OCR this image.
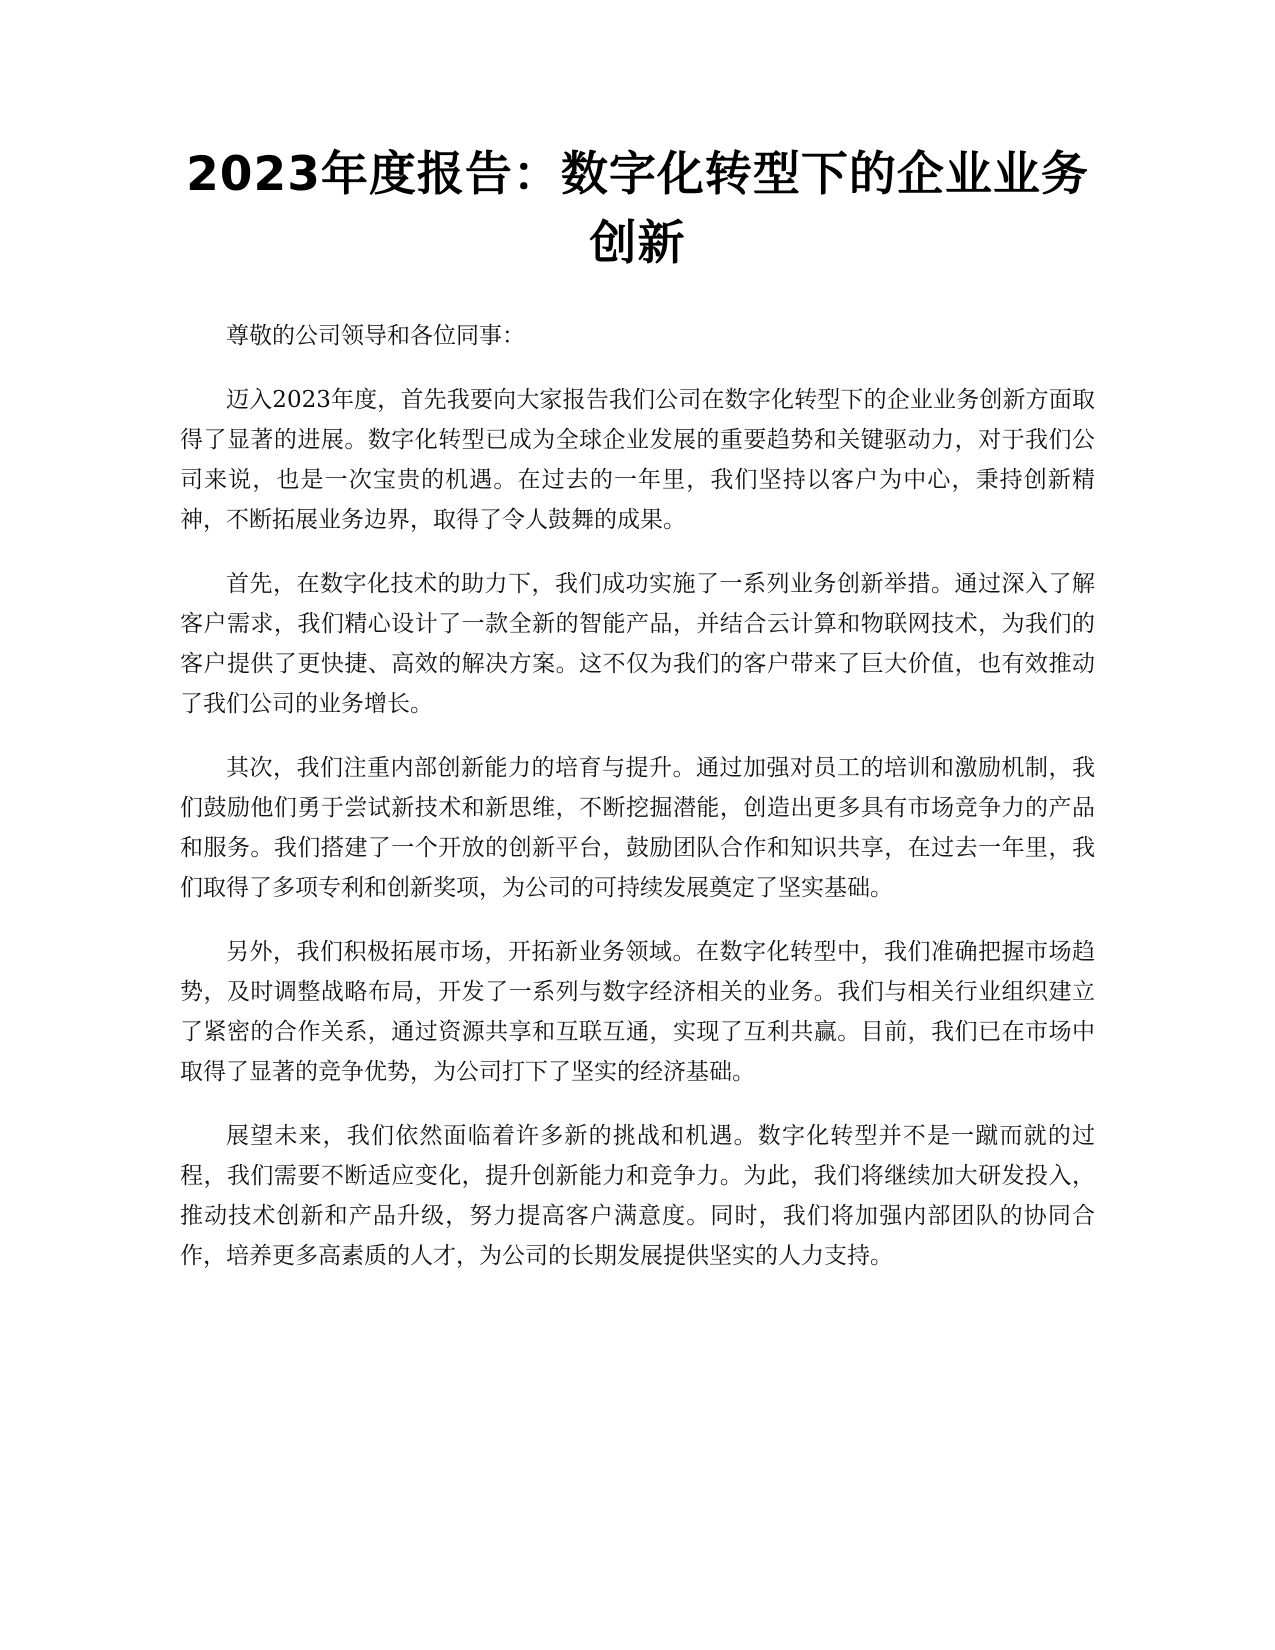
2023年度报告：数字化转型下的企业业务创新

尊敬的公司领导和各位同事：

迈入2023年度，首先我要向大家报告我们公司在数字化转型下的企业业务创新方面取得了显著的进展。数字化转型已成为全球企业发展的重要趋势和关键驱动力，对于我们公司来说，也是一次宝贵的机遇。在过去的一年里，我们坚持以客户为中心，秉持创新精神，不断拓展业务边界，取得了令人鼓舞的成果。

首先，在数字化技术的助力下，我们成功实施了一系列业务创新举措。通过深入了解客户需求，我们精心设计了一款全新的智能产品，并结合云计算和物联网技术，为我们的客户提供了更快捷、高效的解决方案。这不仅为我们的客户带来了巨大价值，也有效推动了我们公司的业务增长。

其次，我们注重内部创新能力的培育与提升。通过加强对员工的培训和激励机制，我们鼓励他们勇于尝试新技术和新思维，不断挖掘潜能，创造出更多具有市场竞争力的产品和服务。我们搭建了一个开放的创新平台，鼓励团队合作和知识共享，在过去一年里，我们取得了多项专利和创新奖项，为公司的可持续发展奠定了坚实基础。

另外，我们积极拓展市场，开拓新业务领域。在数字化转型中，我们准确把握市场趋势，及时调整战略布局，开发了一系列与数字经济相关的业务。我们与相关行业组织建立了紧密的合作关系，通过资源共享和互联互通，实现了互利共赢。目前，我们已在市场中取得了显著的竞争优势，为公司打下了坚实的经济基础。

展望未来，我们依然面临着许多新的挑战和机遇。数字化转型并不是一蹴而就的过程，我们需要不断适应变化，提升创新能力和竞争力。为此，我们将继续加大研发投入，推动技术创新和产品升级，努力提高客户满意度。同时，我们将加强内部团队的协同合作，培养更多高素质的人才，为公司的长期发展提供坚实的人力支持。
